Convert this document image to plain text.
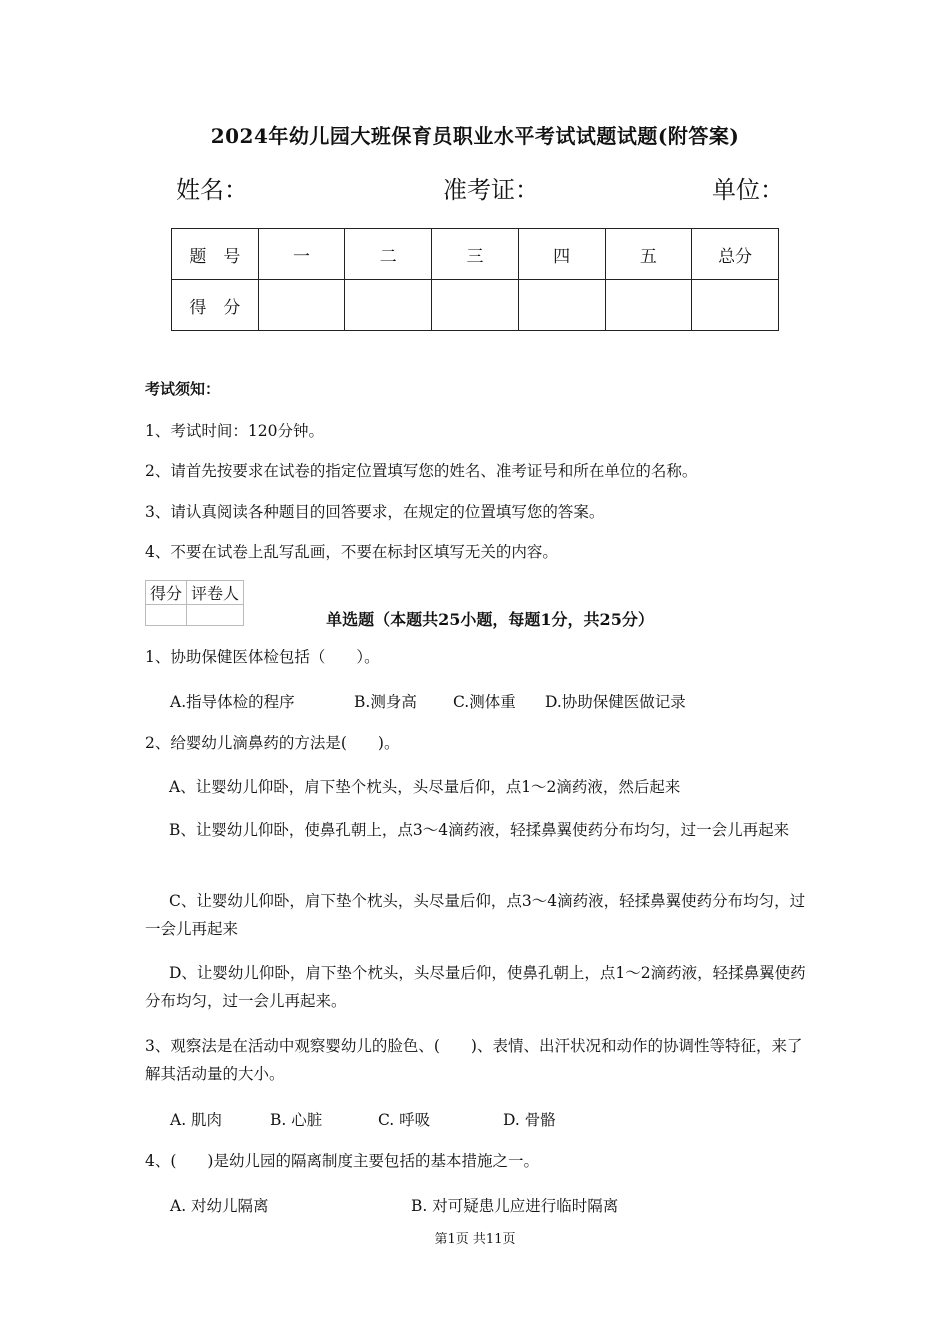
2024年幼儿园大班保育员职业水平考试试题试题(附答案)
姓名：	准考证：	单位：
题　号	一	二	三	四	五	总分
得　分						
考试须知：
1、考试时间：120分钟。
2、请首先按要求在试卷的指定位置填写您的姓名、准考证号和所在单位的名称。
3、请认真阅读各种题目的回答要求，在规定的位置填写您的答案。
4、不要在试卷上乱写乱画，不要在标封区填写无关的内容。
得分	评卷人

单选题（本题共25小题，每题1分，共25分）
1、协助保健医体检包括（　　）。
A.指导体检的程序	B.测身高 C.测体重 D.协助保健医做记录
2、给婴幼儿滴鼻药的方法是(　　)。
A、让婴幼儿仰卧，肩下垫个枕头，头尽量后仰，点1～2滴药液，然后起来
B、让婴幼儿仰卧，使鼻孔朝上，点3～4滴药液，轻揉鼻翼使药分布均匀，过一会儿再起来
C、让婴幼儿仰卧，肩下垫个枕头，头尽量后仰，点3～4滴药液，轻揉鼻翼使药分布均匀，过一会儿再起来
D、让婴幼儿仰卧，肩下垫个枕头，头尽量后仰，使鼻孔朝上，点1～2滴药液，轻揉鼻翼使药分布均匀，过一会儿再起来。
3、观察法是在活动中观察婴幼儿的脸色、(　　)、表情、出汗状况和动作的协调性等特征，来了解其活动量的大小。
A. 肌肉	B. 心脏	C. 呼吸	D. 骨骼
4、(　　)是幼儿园的隔离制度主要包括的基本措施之一。
A. 对幼儿隔离	B. 对可疑患儿应进行临时隔离
第1页 共11页
